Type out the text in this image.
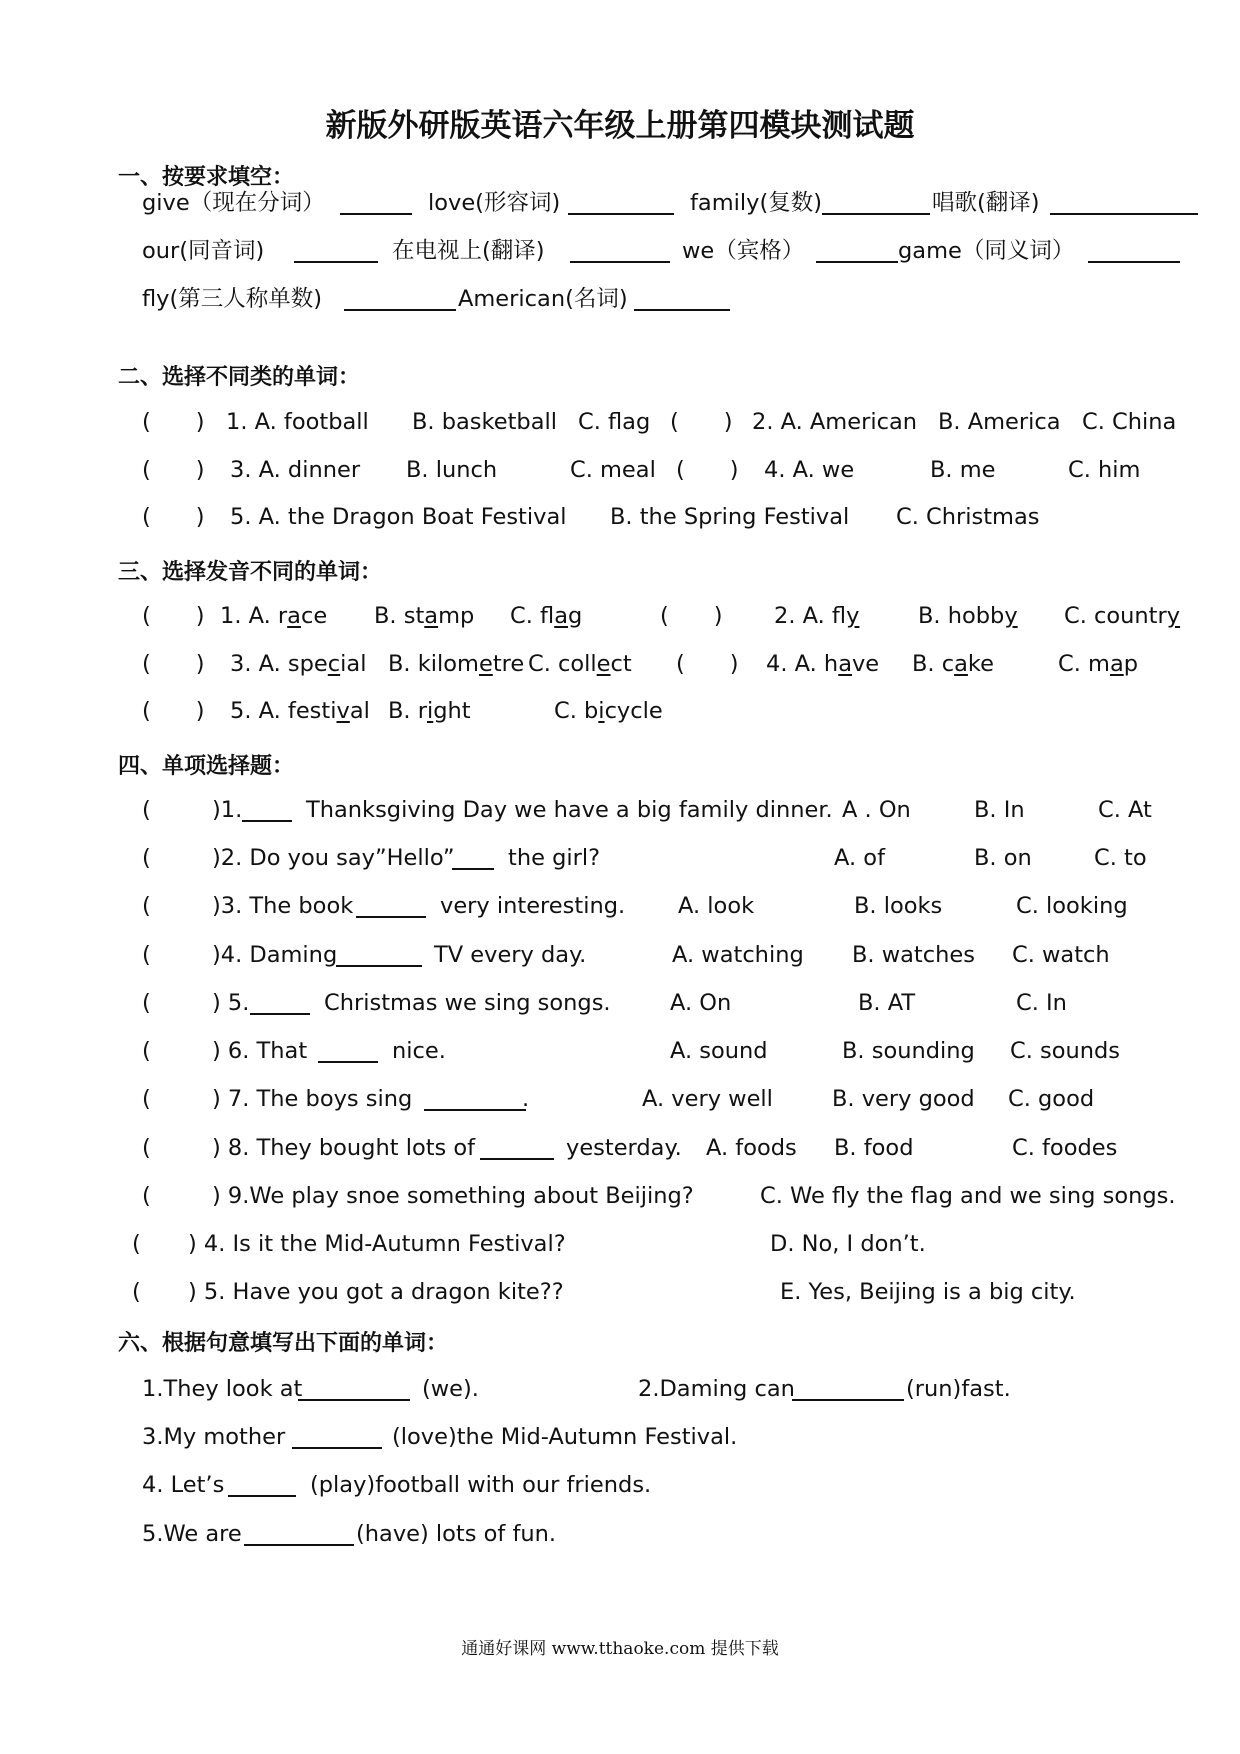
新版外研版英语六年级上册第四模块测试题
一、按要求填空：
give（现在分词）	love(形容词)	family(复数)	唱歌(翻译)
our(同音词)	在电视上(翻译)	we（宾格）	game（同义词）
fly(第三人称单数)	American(名词)
二、选择不同类的单词：
(　　) 1. A. football B. basketball C. flag (　　) 2. A. American B. America C. China
(　　) 3. A. dinner B. lunch	C. meal (　　) 4. A. we	B. me	C. him
(　　) 5. A. the Dragon Boat Festival B. the Spring Festival C. Christmas
三、选择发音不同的单词：
(　　) 1. A. race B. stamp C. flag	(　　) 2. A. fly	B. hobby C. country
(　　) 3. A. special B. kilometre C. collect (　　) 4. A. have B. cake	C. map
(　　) 5. A. festival B. right	C. bicycle
四、单项选择题：
(	)1.	Thanksgiving Day we have a big family dinner. A . On	B. In	C. At
(	)2. Do you say”Hello” the girl?	A. of	B. on	C. to
(	)3. The book	very interesting. A. look	B. looks	C. looking
(	)4. Daming	TV every day.	A. watching B. watches C. watch
(	) 5.	Christmas we sing songs.	A. On	B. AT	C. In
(	) 6. That	nice.	A. sound	B. sounding C. sounds
(	) 7. The boys sing	.	A. very well	B. very good C. good
(	) 8. They bought lots of	yesterday. A. foods B. food	C. foodes
(	) 9.We play snoe something about Beijing?	C. We fly the flag and we sing songs.
( ) 4. Is it the Mid-Autumn Festival?	D. No, I don’t.
( ) 5. Have you got a dragon kite??	E. Yes, Beijing is a big city.
六、根据句意填写出下面的单词：
1.They look at	(we).	2.Daming can	(run)fast.
3.My mother	(love)the Mid-Autumn Festival.
4. Let’s	(play)football with our friends.
5.We are	(have) lots of fun.
通通好课网 www.tthaoke.com 提供下载
